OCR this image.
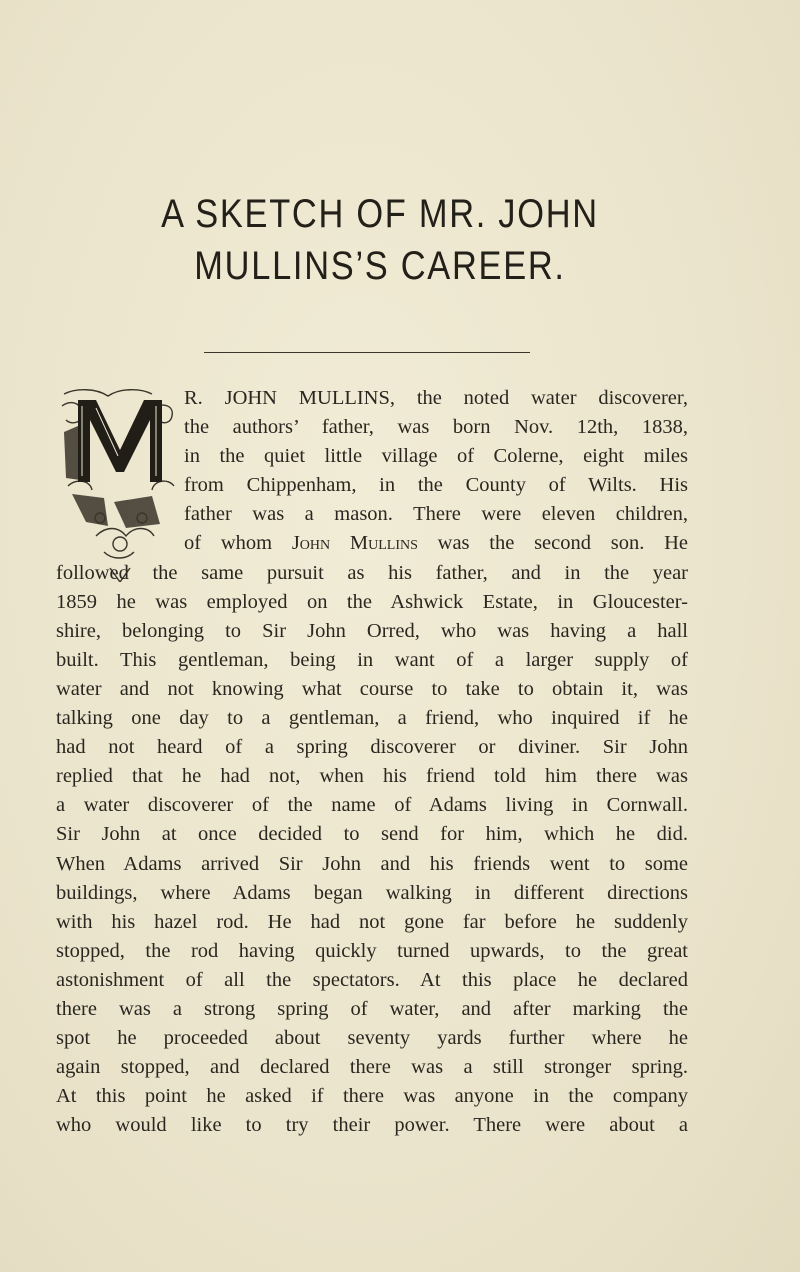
A SKETCH OF MR. JOHN MULLINS’S CAREER.
R. JOHN MULLINS, the noted water discoverer,
the authors’ father, was born Nov. 12th, 1838,
in the quiet little village of Colerne, eight miles
from Chippenham, in the County of Wilts. His
father was a mason. There were eleven children,
of whom John Mullins was the second son. He
followed the same pursuit as his father, and in the year
1859 he was employed on the Ashwick Estate, in Gloucester-
shire, belonging to Sir John Orred, who was having a hall
built. This gentleman, being in want of a larger supply of
water and not knowing what course to take to obtain it, was
talking one day to a gentleman, a friend, who inquired if he
had not heard of a spring discoverer or diviner. Sir John
replied that he had not, when his friend told him there was
a water discoverer of the name of Adams living in Cornwall.
Sir John at once decided to send for him, which he did.
When Adams arrived Sir John and his friends went to some
buildings, where Adams began walking in different directions
with his hazel rod. He had not gone far before he suddenly
stopped, the rod having quickly turned upwards, to the great
astonishment of all the spectators. At this place he declared
there was a strong spring of water, and after marking the
spot he proceeded about seventy yards further where he
again stopped, and declared there was a still stronger spring.
At this point he asked if there was anyone in the company
who would like to try their power. There were about a
